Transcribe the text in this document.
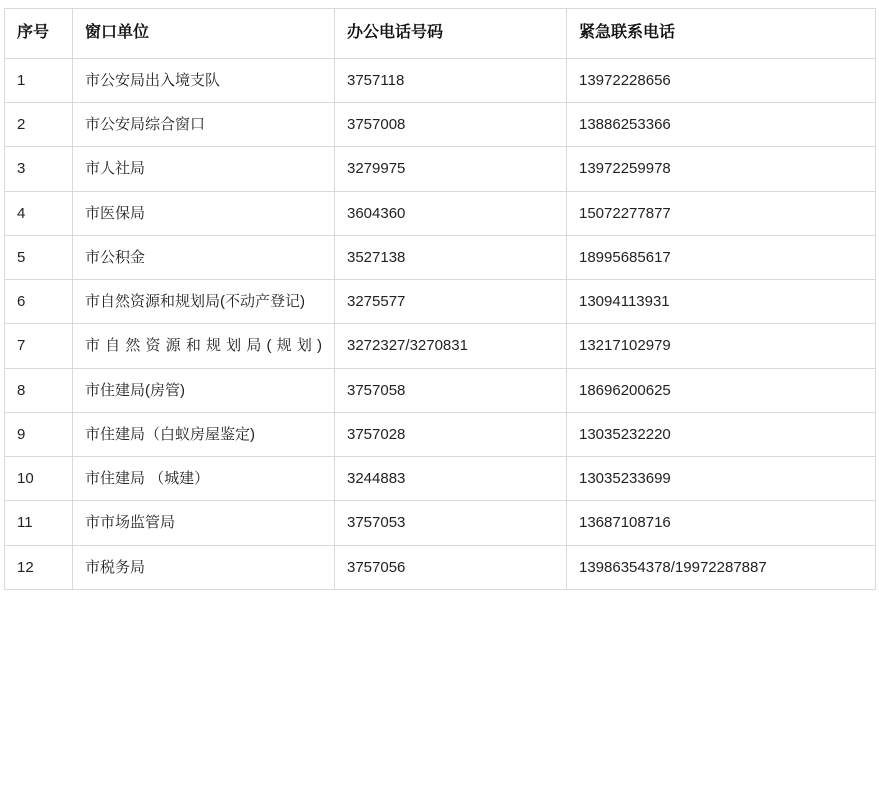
序号	窗口单位	办公电话号码	紧急联系电话
1	市公安局出入境支队	3757118	13972228656
2	市公安局综合窗口	3757008	13886253366
3	市人社局	3279975	13972259978
4	市医保局	3604360	15072277877
5	市公积金	3527138	18995685617
6	市自然资源和规划局(不动产登记)	3275577	13094113931
7	市自然资源和规划局(规划)	3272327/3270831	13217102979
8	市住建局(房管)	3757058	18696200625
9	市住建局（白蚁房屋鉴定)	3757028	13035232220
10	市住建局 （城建）	3244883	13035233699
11	市市场监管局	3757053	13687108716
12	市税务局	3757056	13986354378/19972287887
